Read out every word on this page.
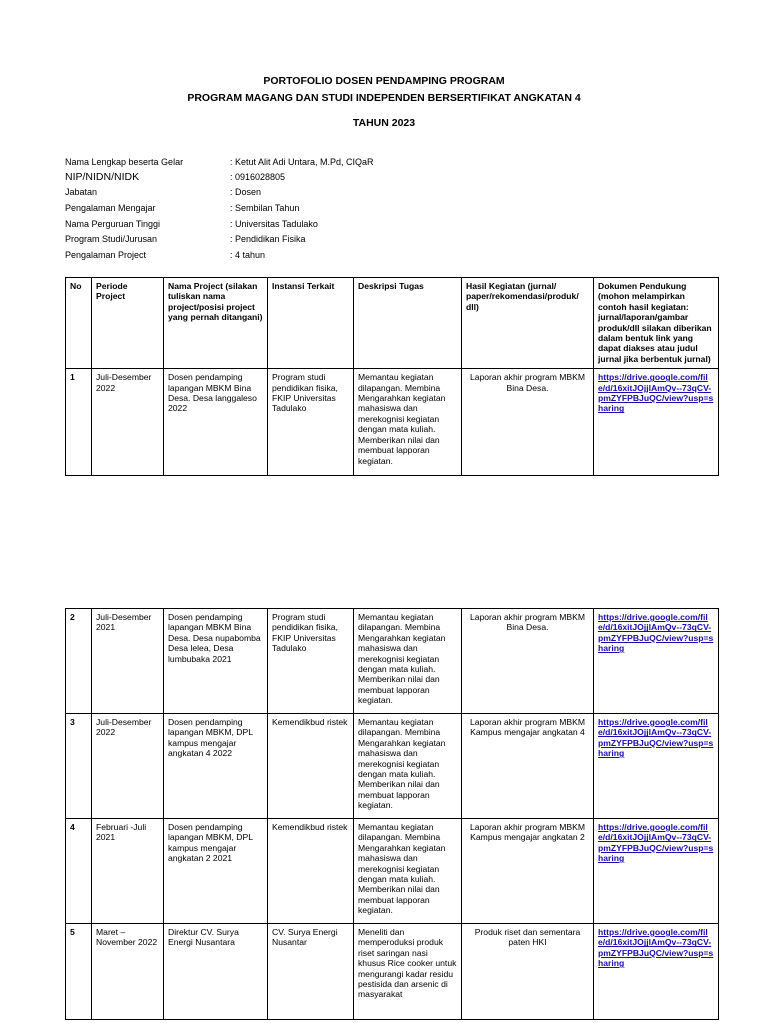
PORTOFOLIO DOSEN PENDAMPING PROGRAM
PROGRAM MAGANG DAN STUDI INDEPENDEN BERSERTIFIKAT ANGKATAN 4
TAHUN 2023
Nama Lengkap beserta Gelar	: Ketut Alit Adi Untara, M.Pd, CIQaR
NIP/NIDN/NIDK	: 0916028805
Jabatan	: Dosen
Pengalaman Mengajar	: Sembilan Tahun
Nama Perguruan Tinggi	: Universitas Tadulako
Program Studi/Jurusan	: Pendidikan Fisika
Pengalaman Project	: 4 tahun
No	Periode Project	Nama Project (silakan tuliskan nama project/posisi project yang pernah ditangani)	Instansi Terkait	Deskripsi Tugas	Hasil Kegiatan (jurnal/ paper/rekomendasi/produk/ dll)	Dokumen Pendukung (mohon melampirkan contoh hasil kegiatan: jurnal/laporan/gambar produk/dll silakan diberikan dalam bentuk link yang dapat diakses atau judul jurnal jika berbentuk jurnal)
1	Juli-Desember 2022	Dosen pendamping lapangan MBKM Bina Desa. Desa langgaleso 2022	Program studi pendidikan fisika, FKIP Universitas Tadulako	Memantau kegiatan dilapangan. Membina Mengarahkan kegiatan mahasiswa dan merekognisi kegiatan dengan mata kuliah. Memberikan nilai dan membuat lapporan kegiatan.	Laporan akhir program MBKM Bina Desa.	https://drive.google.com/file/d/16xitJOjjlAmQv--73qCV-pmZYFPBJuQC/view?usp=sharing
2	Juli-Desember 2021	Dosen pendamping lapangan MBKM Bina Desa. Desa nupabomba Desa lelea, Desa lumbubaka 2021	Program studi pendidikan fisika, FKIP Universitas Tadulako	Memantau kegiatan dilapangan. Membina Mengarahkan kegiatan mahasiswa dan merekognisi kegiatan dengan mata kuliah. Memberikan nilai dan membuat lapporan kegiatan.	Laporan akhir program MBKM Bina Desa.	https://drive.google.com/file/d/16xitJOjjlAmQv--73qCV-pmZYFPBJuQC/view?usp=sharing
3	Juli-Desember 2022	Dosen pendamping lapangan MBKM, DPL kampus mengajar angkatan 4 2022	Kemendikbud ristek	Memantau kegiatan dilapangan. Membina Mengarahkan kegiatan mahasiswa dan merekognisi kegiatan dengan mata kuliah. Memberikan nilai dan membuat lapporan kegiatan.	Laporan akhir program MBKM Kampus mengajar angkatan 4	https://drive.google.com/file/d/16xitJOjjlAmQv--73qCV-pmZYFPBJuQC/view?usp=sharing
4	Februari -Juli 2021	Dosen pendamping lapangan MBKM, DPL kampus mengajar angkatan 2 2021	Kemendikbud ristek	Memantau kegiatan dilapangan. Membina Mengarahkan kegiatan mahasiswa dan merekognisi kegiatan dengan mata kuliah. Memberikan nilai dan membuat lapporan kegiatan.	Laporan akhir program MBKM Kampus mengajar angkatan 2	https://drive.google.com/file/d/16xitJOjjlAmQv--73qCV-pmZYFPBJuQC/view?usp=sharing
5	Maret – November 2022	Direktur CV. Surya Energi Nusantara	CV. Surya Energi Nusantar	Meneliti dan memperoduksi produk riset saringan nasi khusus Rice cooker untuk mengurangi kadar residu pestisida dan arsenic di masyarakat	Produk riset dan sementara paten HKI	https://drive.google.com/file/d/16xitJOjjlAmQv--73qCV-pmZYFPBJuQC/view?usp=sharing
